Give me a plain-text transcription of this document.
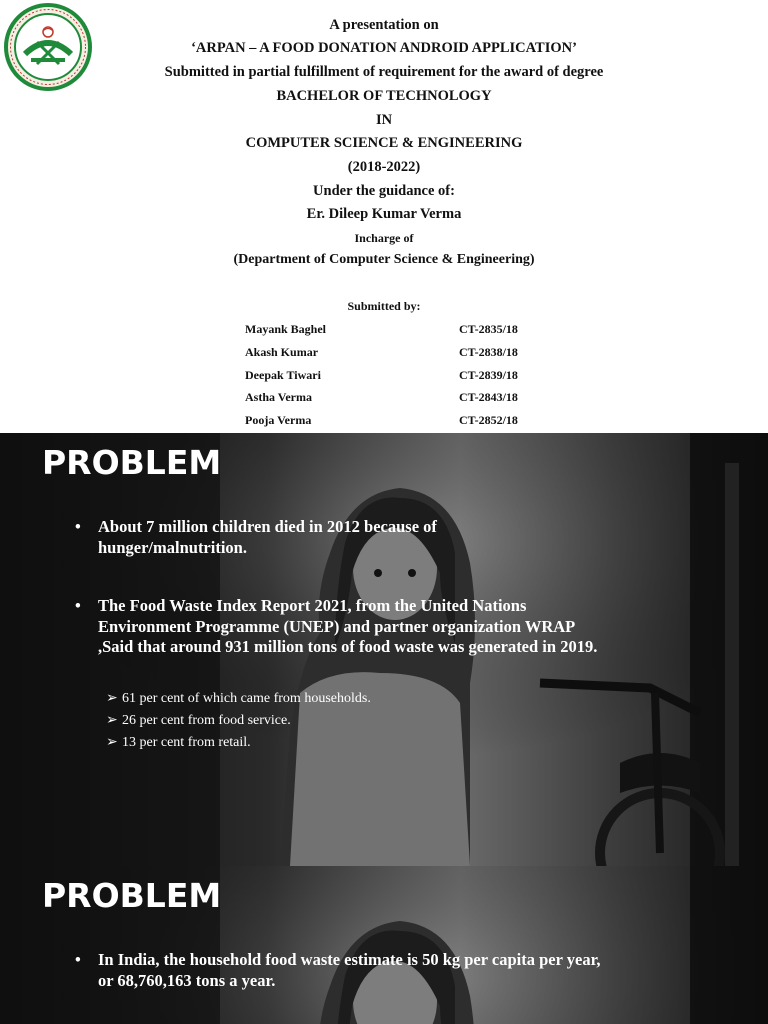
A presentation on
‘ARPAN – A FOOD DONATION ANDROID APPLICATION’
Submitted in partial fulfillment of requirement for the award of degree
BACHELOR OF TECHNOLOGY
IN
COMPUTER SCIENCE & ENGINEERING
(2018-2022)
Under the guidance of:
Er. Dileep Kumar Verma
Incharge of
(Department of Computer Science & Engineering)
Submitted by:
Mayank Baghel	CT-2835/18
Akash Kumar	CT-2838/18
Deepak Tiwari	CT-2839/18
Astha Verma	CT-2843/18
Pooja Verma	CT-2852/18
PROBLEM
• About 7 million children died in 2012 because of hunger/malnutrition.
• The Food Waste Index Report 2021, from the United Nations Environment Programme (UNEP) and partner organization WRAP ,Said that around 931 million tons of food waste was generated in 2019.
➢ 61 per cent of which came from households.
➢ 26 per cent from food service.
➢ 13 per cent from retail.
PROBLEM
• In India, the household food waste estimate is 50 kg per capita per year, or 68,760,163 tons a year.
